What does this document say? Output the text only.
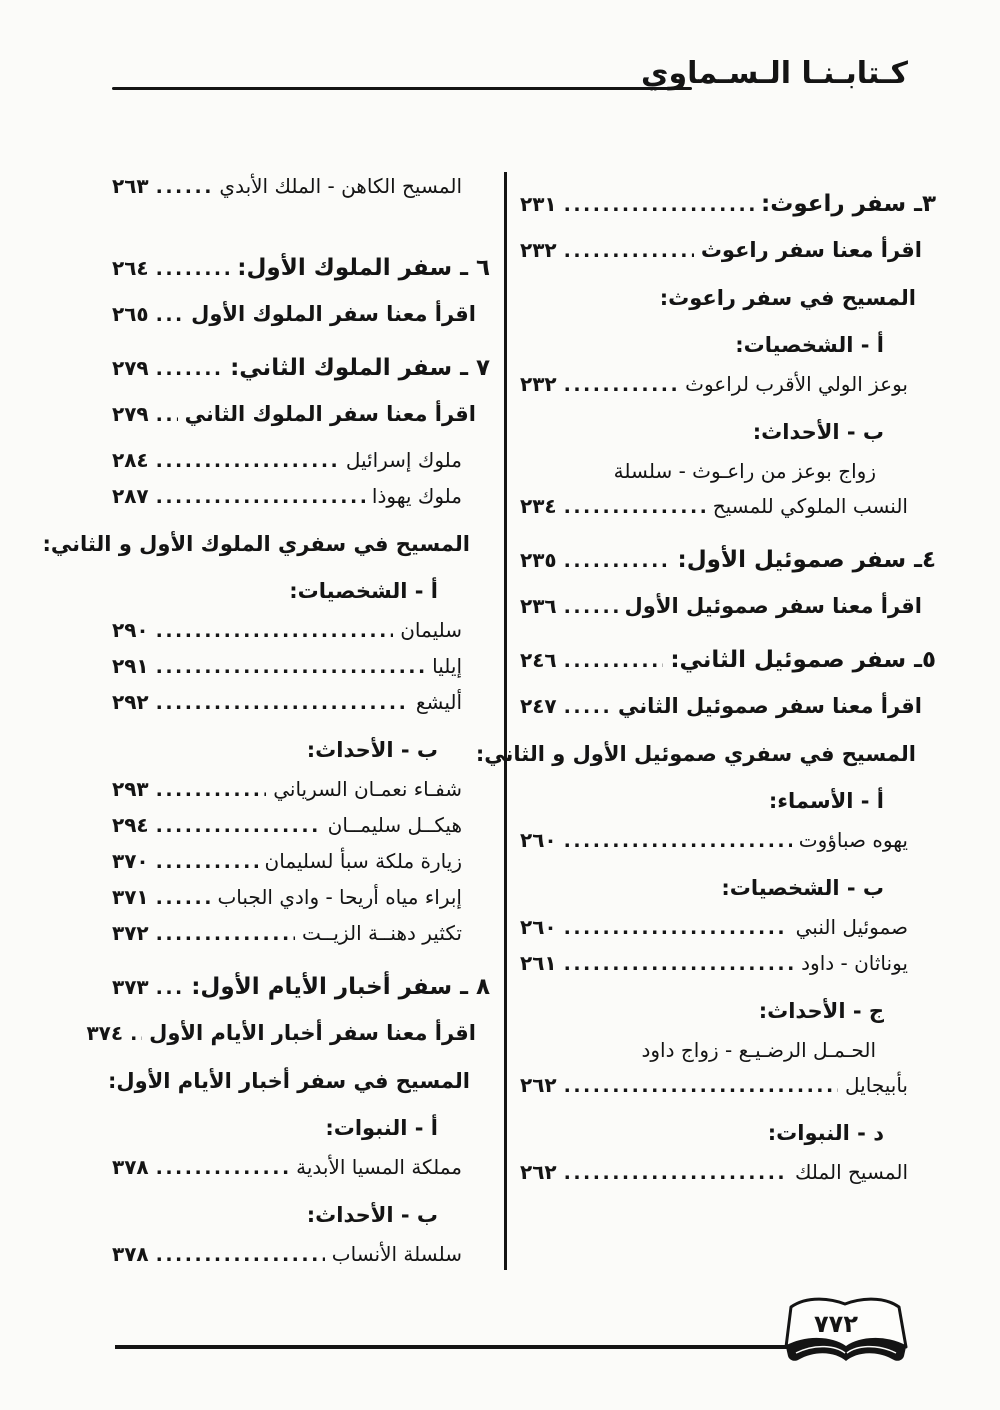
كـتابـنـا الـسـماوي
٣ـ سفر راعوث:
.....
٢٣١
اقرأ معنا سفر راعوث
.....
٢٣٢
المسيح في سفر راعوث:
أ - الشخصيات:
بوعز الولي الأقرب لراعوث
.....
٢٣٢
ب - الأحداث:
زواج بوعز من راعـوث - سلسلة
النسب الملوكي للمسيح
.....
٢٣٤
٤ـ سفر صموئيل الأول:
.....
٢٣٥
اقرأ معنا سفر صموئيل الأول
.....
٢٣٦
٥ـ سفر صموئيل الثاني:
.....
٢٤٦
اقرأ معنا سفر صموئيل الثاني
.....
٢٤٧
المسيح في سفري صموئيل الأول و الثاني:
أ - الأسماء:
يهوه صباؤوت
.....
٢٦٠
ب - الشخصيات:
صموئيل النبي
.....
٢٦٠
يوناثان - داود
.....
٢٦١
ج - الأحداث:
الحـمـل الرضـيـع - زواج داود
بأبيجايل
.....
٢٦٢
د - النبوات:
المسيح الملك
.....
٢٦٢
المسيح الكاهن - الملك الأبدي
.....
٢٦٣
٦ ـ سفر الملوك الأول:
.....
٢٦٤
اقرأ معنا سفر الملوك الأول
.....
٢٦٥
٧ ـ سفر الملوك الثاني:
.....
٢٧٩
اقرأ معنا سفر الملوك الثاني
.....
٢٧٩
ملوك إسرائيل
.....
٢٨٤
ملوك يهوذا
.....
٢٨٧
المسيح في سفري الملوك الأول و الثاني:
أ - الشخصيات:
سليمان
.....
٢٩٠
إيليا
.....
٢٩١
أليشع
.....
٢٩٢
ب - الأحداث:
شفـاء نعمـان السرياني
.....
٢٩٣
هيكــل سليمــان
.....
٢٩٤
زيارة ملكة سبأ لسليمان
.....
٣٧٠
إبراء مياه أريحا - وادي الجباب
.....
٣٧١
تكثير دهنــة الزيــت
.....
٣٧٢
٨ ـ سفر أخبار الأيام الأول:
.....
٣٧٣
اقرأ معنا سفر أخبار الأيام الأول
.....
٣٧٤
المسيح في سفر أخبار الأيام الأول:
أ - النبوات:
مملكة المسيا الأبدية
.....
٣٧٨
ب - الأحداث:
سلسلة الأنساب
.....
٣٧٨
٧٧٢
